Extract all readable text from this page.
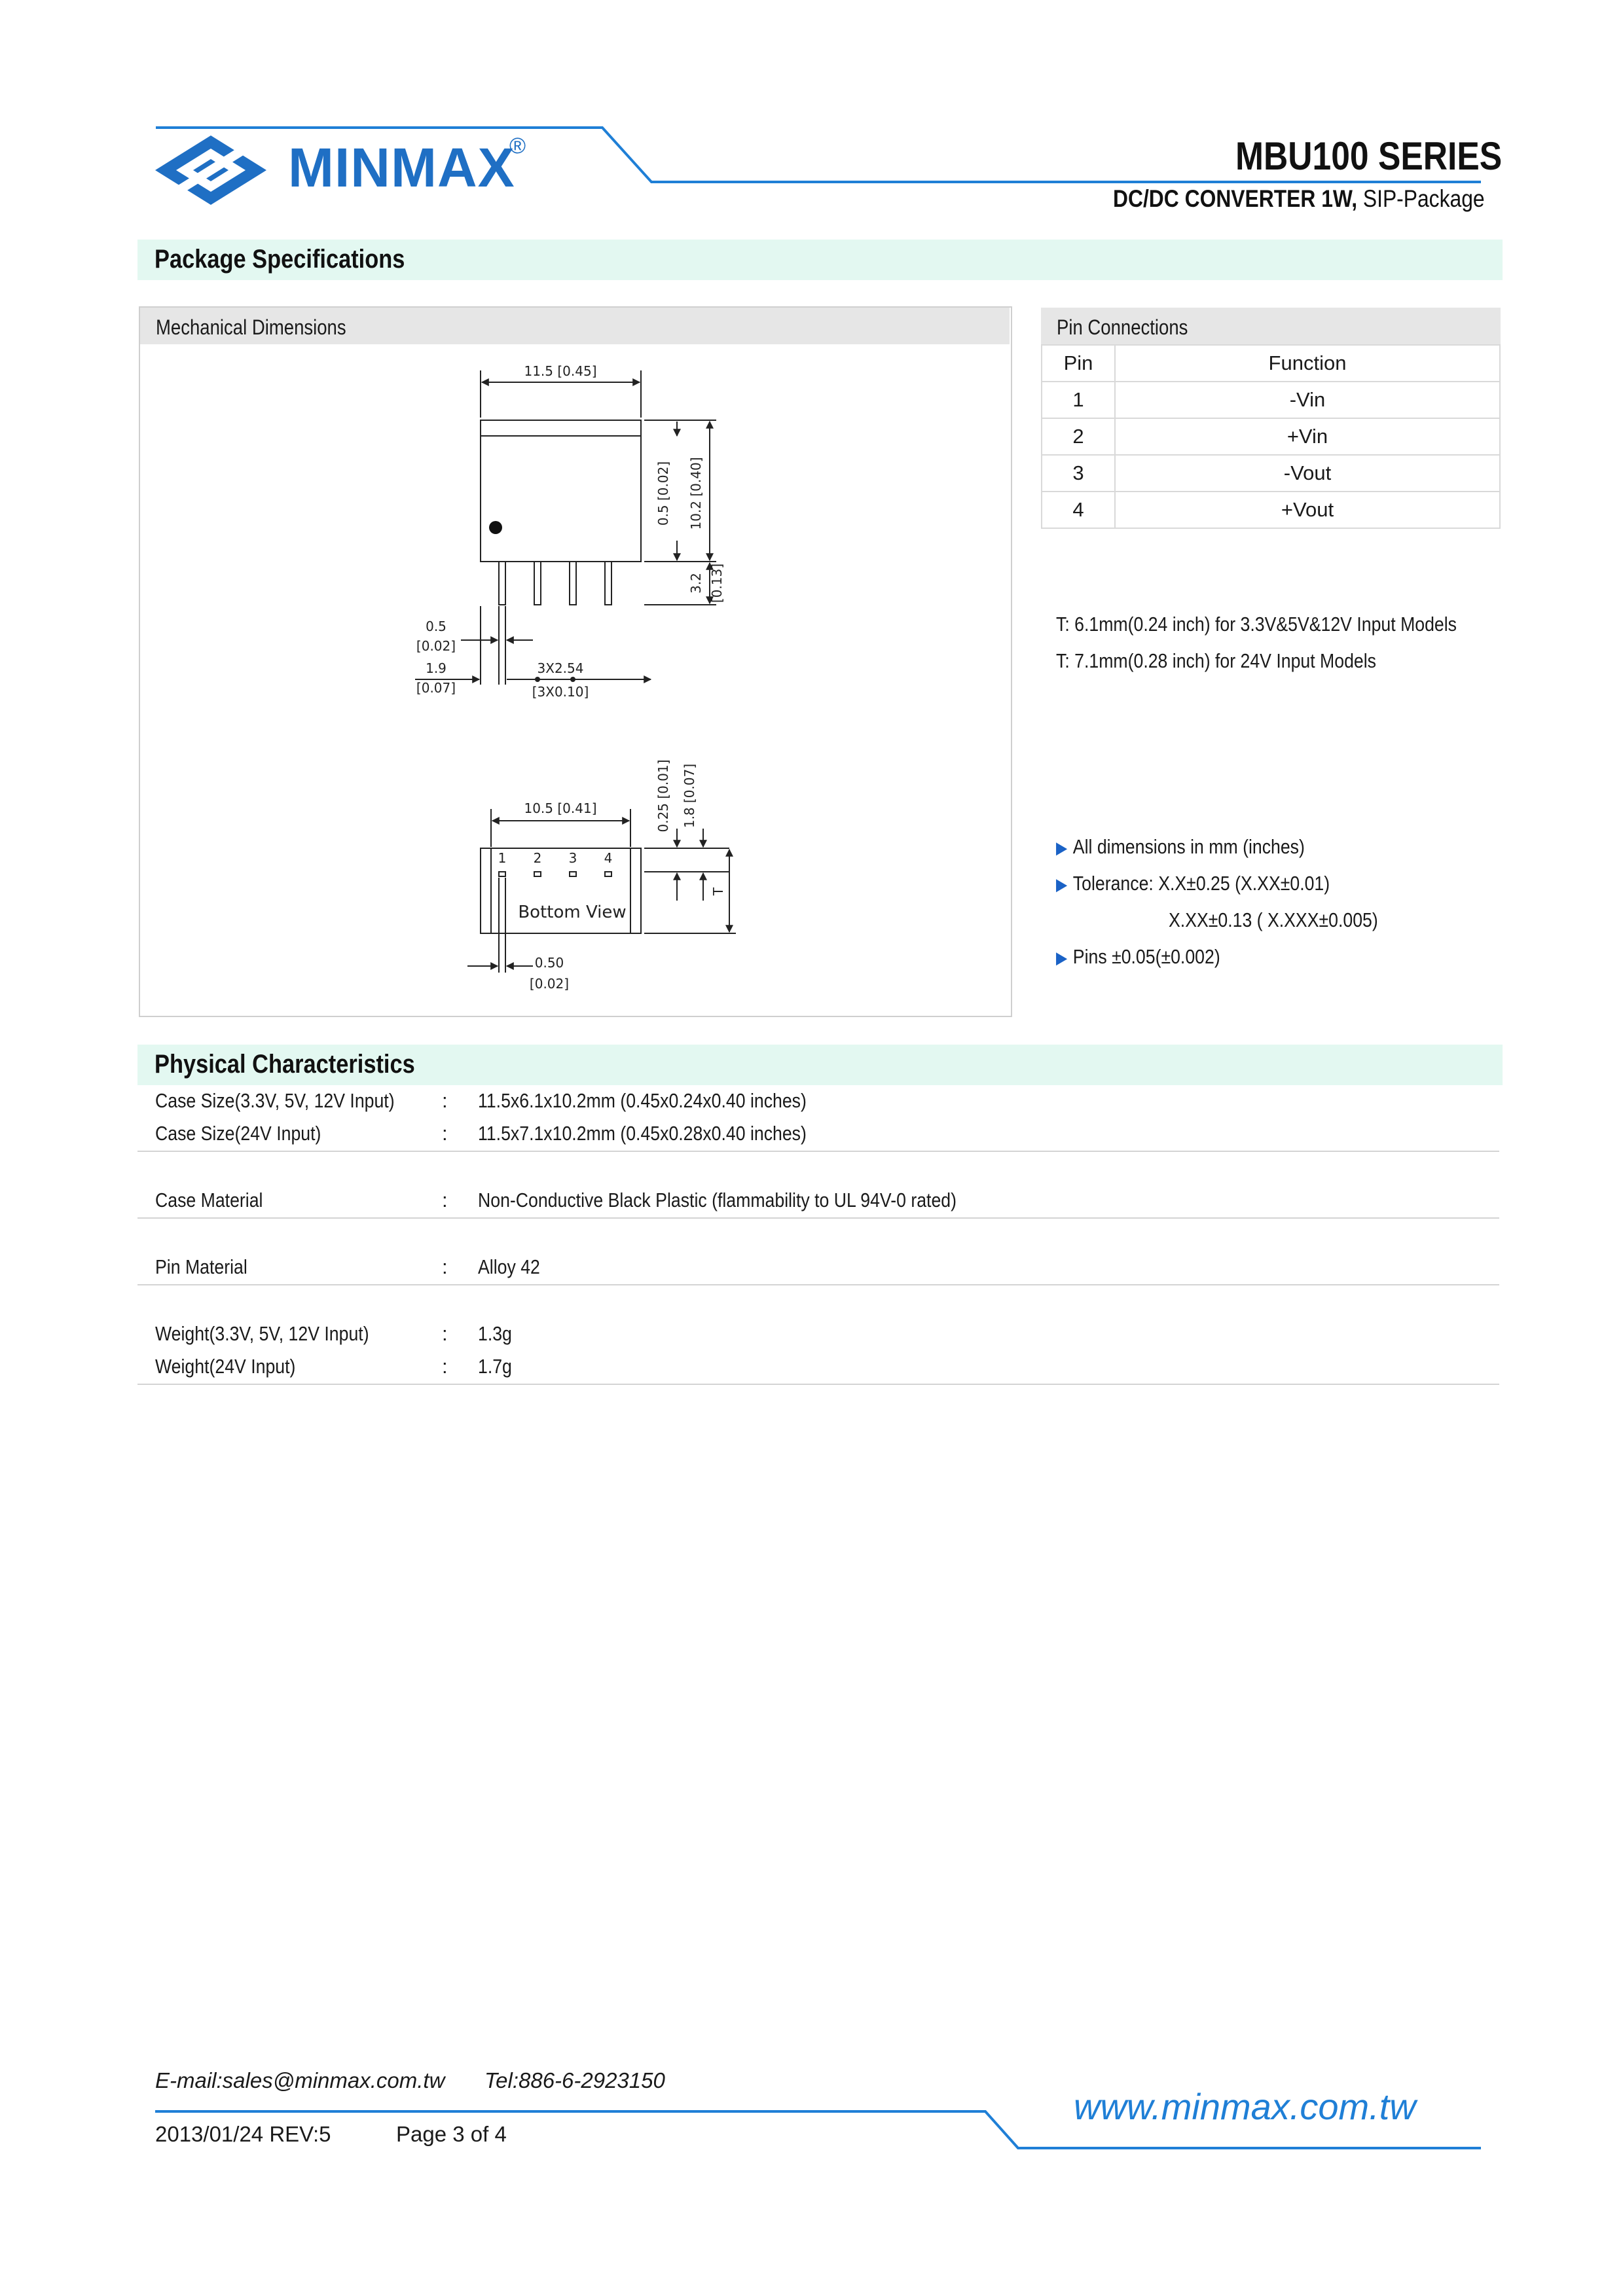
MINMAX
®	MBU100 SERIES
DC/DC CONVERTER 1W, SIP-Package
Package Specifications
Mechanical Dimensions
11.5 [0.45]
0.5 [0.02] 10.2 [0.40]
3.2 [0.13]
0.5
[0.02]
1.9
[0.07]
3X2.54
[3X0.10]
10.5 [0.41]	0.25 [0.01] 1.8 [0.07]
T
1 2 3 4
Bottom View
0.50
[0.02]
Pin Connections
Pin	Function
1	-Vin
2	+Vin
3	-Vout
4	+Vout
T: 6.1mm(0.24 inch) for 3.3V&5V&12V Input Models
T: 7.1mm(0.28 inch) for 24V Input Models
▶ All dimensions in mm (inches)
▶ Tolerance: X.X±0.25 (X.XX±0.01)
X.XX±0.13 ( X.XXX±0.005)
▶ Pins ±0.05(±0.002)
Physical Characteristics
Case Size(3.3V, 5V, 12V Input) : 11.5x6.1x10.2mm (0.45x0.24x0.40 inches)
Case Size(24V Input)	: 11.5x7.1x10.2mm (0.45x0.28x0.40 inches)
Case Material	: Non-Conductive Black Plastic (flammability to UL 94V-0 rated)
Pin Material	: Alloy 42
Weight(3.3V, 5V, 12V Input)	: 1.3g
Weight(24V Input)	: 1.7g
E-mail:sales@minmax.com.tw Tel:886-6-2923150
2013/01/24 REV:5	Page 3 of 4
www.minmax.com.tw
